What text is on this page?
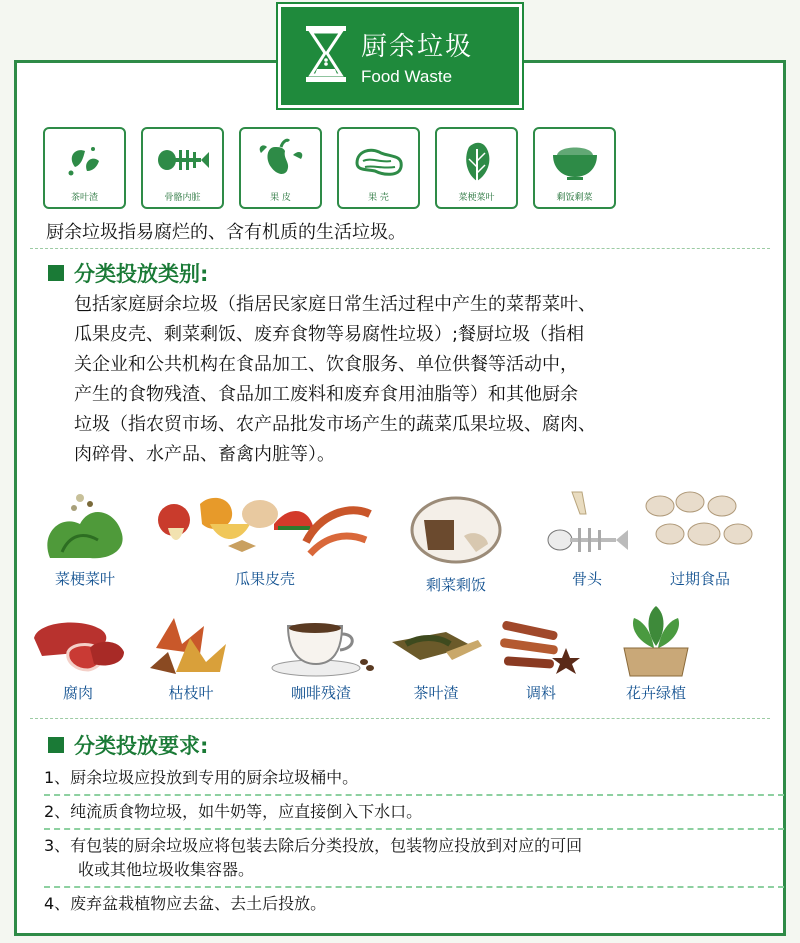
厨余垃圾
Food Waste
茶叶渣	骨骼内脏	果 皮	果 壳	菜梗菜叶	剩饭剩菜
厨余垃圾指易腐烂的、含有机质的生活垃圾。
分类投放类别:
包括家庭厨余垃圾（指居民家庭日常生活过程中产生的菜帮菜叶、
瓜果皮壳、剩菜剩饭、废弃食物等易腐性垃圾）;餐厨垃圾（指相
关企业和公共机构在食品加工、饮食服务、单位供餐等活动中，
产生的食物残渣、食品加工废料和废弃食用油脂等）和其他厨余
垃圾（指农贸市场、农产品批发市场产生的蔬菜瓜果垃圾、腐肉、
肉碎骨、水产品、畜禽内脏等）。
菜梗菜叶	瓜果皮壳	剩菜剩饭	骨头	过期食品
腐肉	枯枝叶	咖啡残渣	茶叶渣	调料	花卉绿植
分类投放要求:
1、厨余垃圾应投放到专用的厨余垃圾桶中。
2、纯流质食物垃圾，如牛奶等，应直接倒入下水口。
3、有包装的厨余垃圾应将包装去除后分类投放，包装物应投放到对应的可回
收或其他垃圾收集容器。
4、废弃盆栽植物应去盆、去土后投放。
